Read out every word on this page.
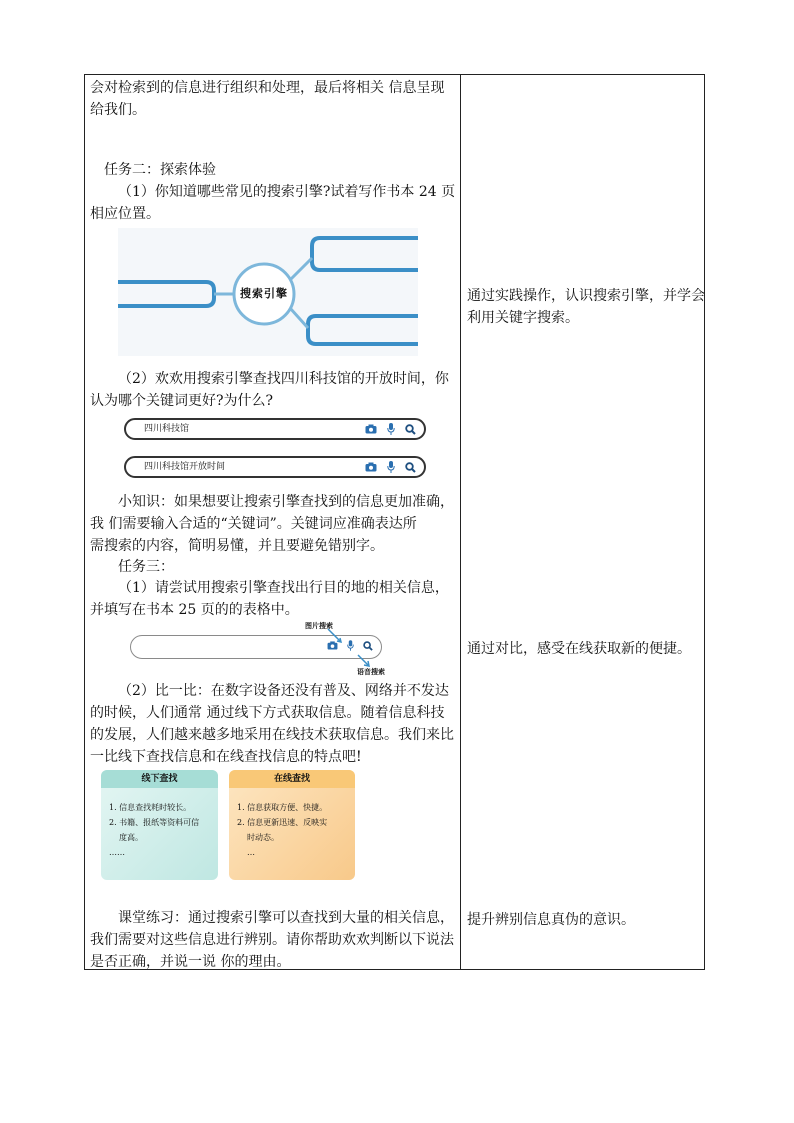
会对检索到的信息进行组织和处理，最后将相关 信息呈现
给我们。
任务二：探索体验
（1）你知道哪些常见的搜索引擎?试着写作书本 24 页
相应位置。
搜索引擎
（2）欢欢用搜索引擎查找四川科技馆的开放时间，你
认为哪个关键词更好?为什么?
四川科技馆
四川科技馆开放时间
小知识：如果想要让搜索引擎查找到的信息更加准确，
我 们需要输入合适的“关键词”。关键词应准确表达所
需搜索的内容，简明易懂，并且要避免错别字。
任务三：
（1）请尝试用搜索引擎查找出行目的地的相关信息，
并填写在书本 25 页的的表格中。
图片搜索
语音搜索
（2）比一比：在数字设备还没有普及、网络并不发达
的时候，人们通常 通过线下方式获取信息。随着信息科技
的发展，人们越来越多地采用在线技术获取信息。我们来比
一比线下查找信息和在线查找信息的特点吧!
线下查找
1. 信息查找耗时较长。
2. 书籍、报纸等资料可信
度高。
……
在线查找
1. 信息获取方便、快捷。
2. 信息更新迅速、反映实
时动态。
…
课堂练习：通过搜索引擎可以查找到大量的相关信息，
我们需要对这些信息进行辨别。请你帮助欢欢判断以下说法
是否正确，并说一说 你的理由。
通过实践操作，认识搜索引擎，并学会
利用关键字搜索。
通过对比，感受在线获取新的便捷。
提升辨别信息真伪的意识。
